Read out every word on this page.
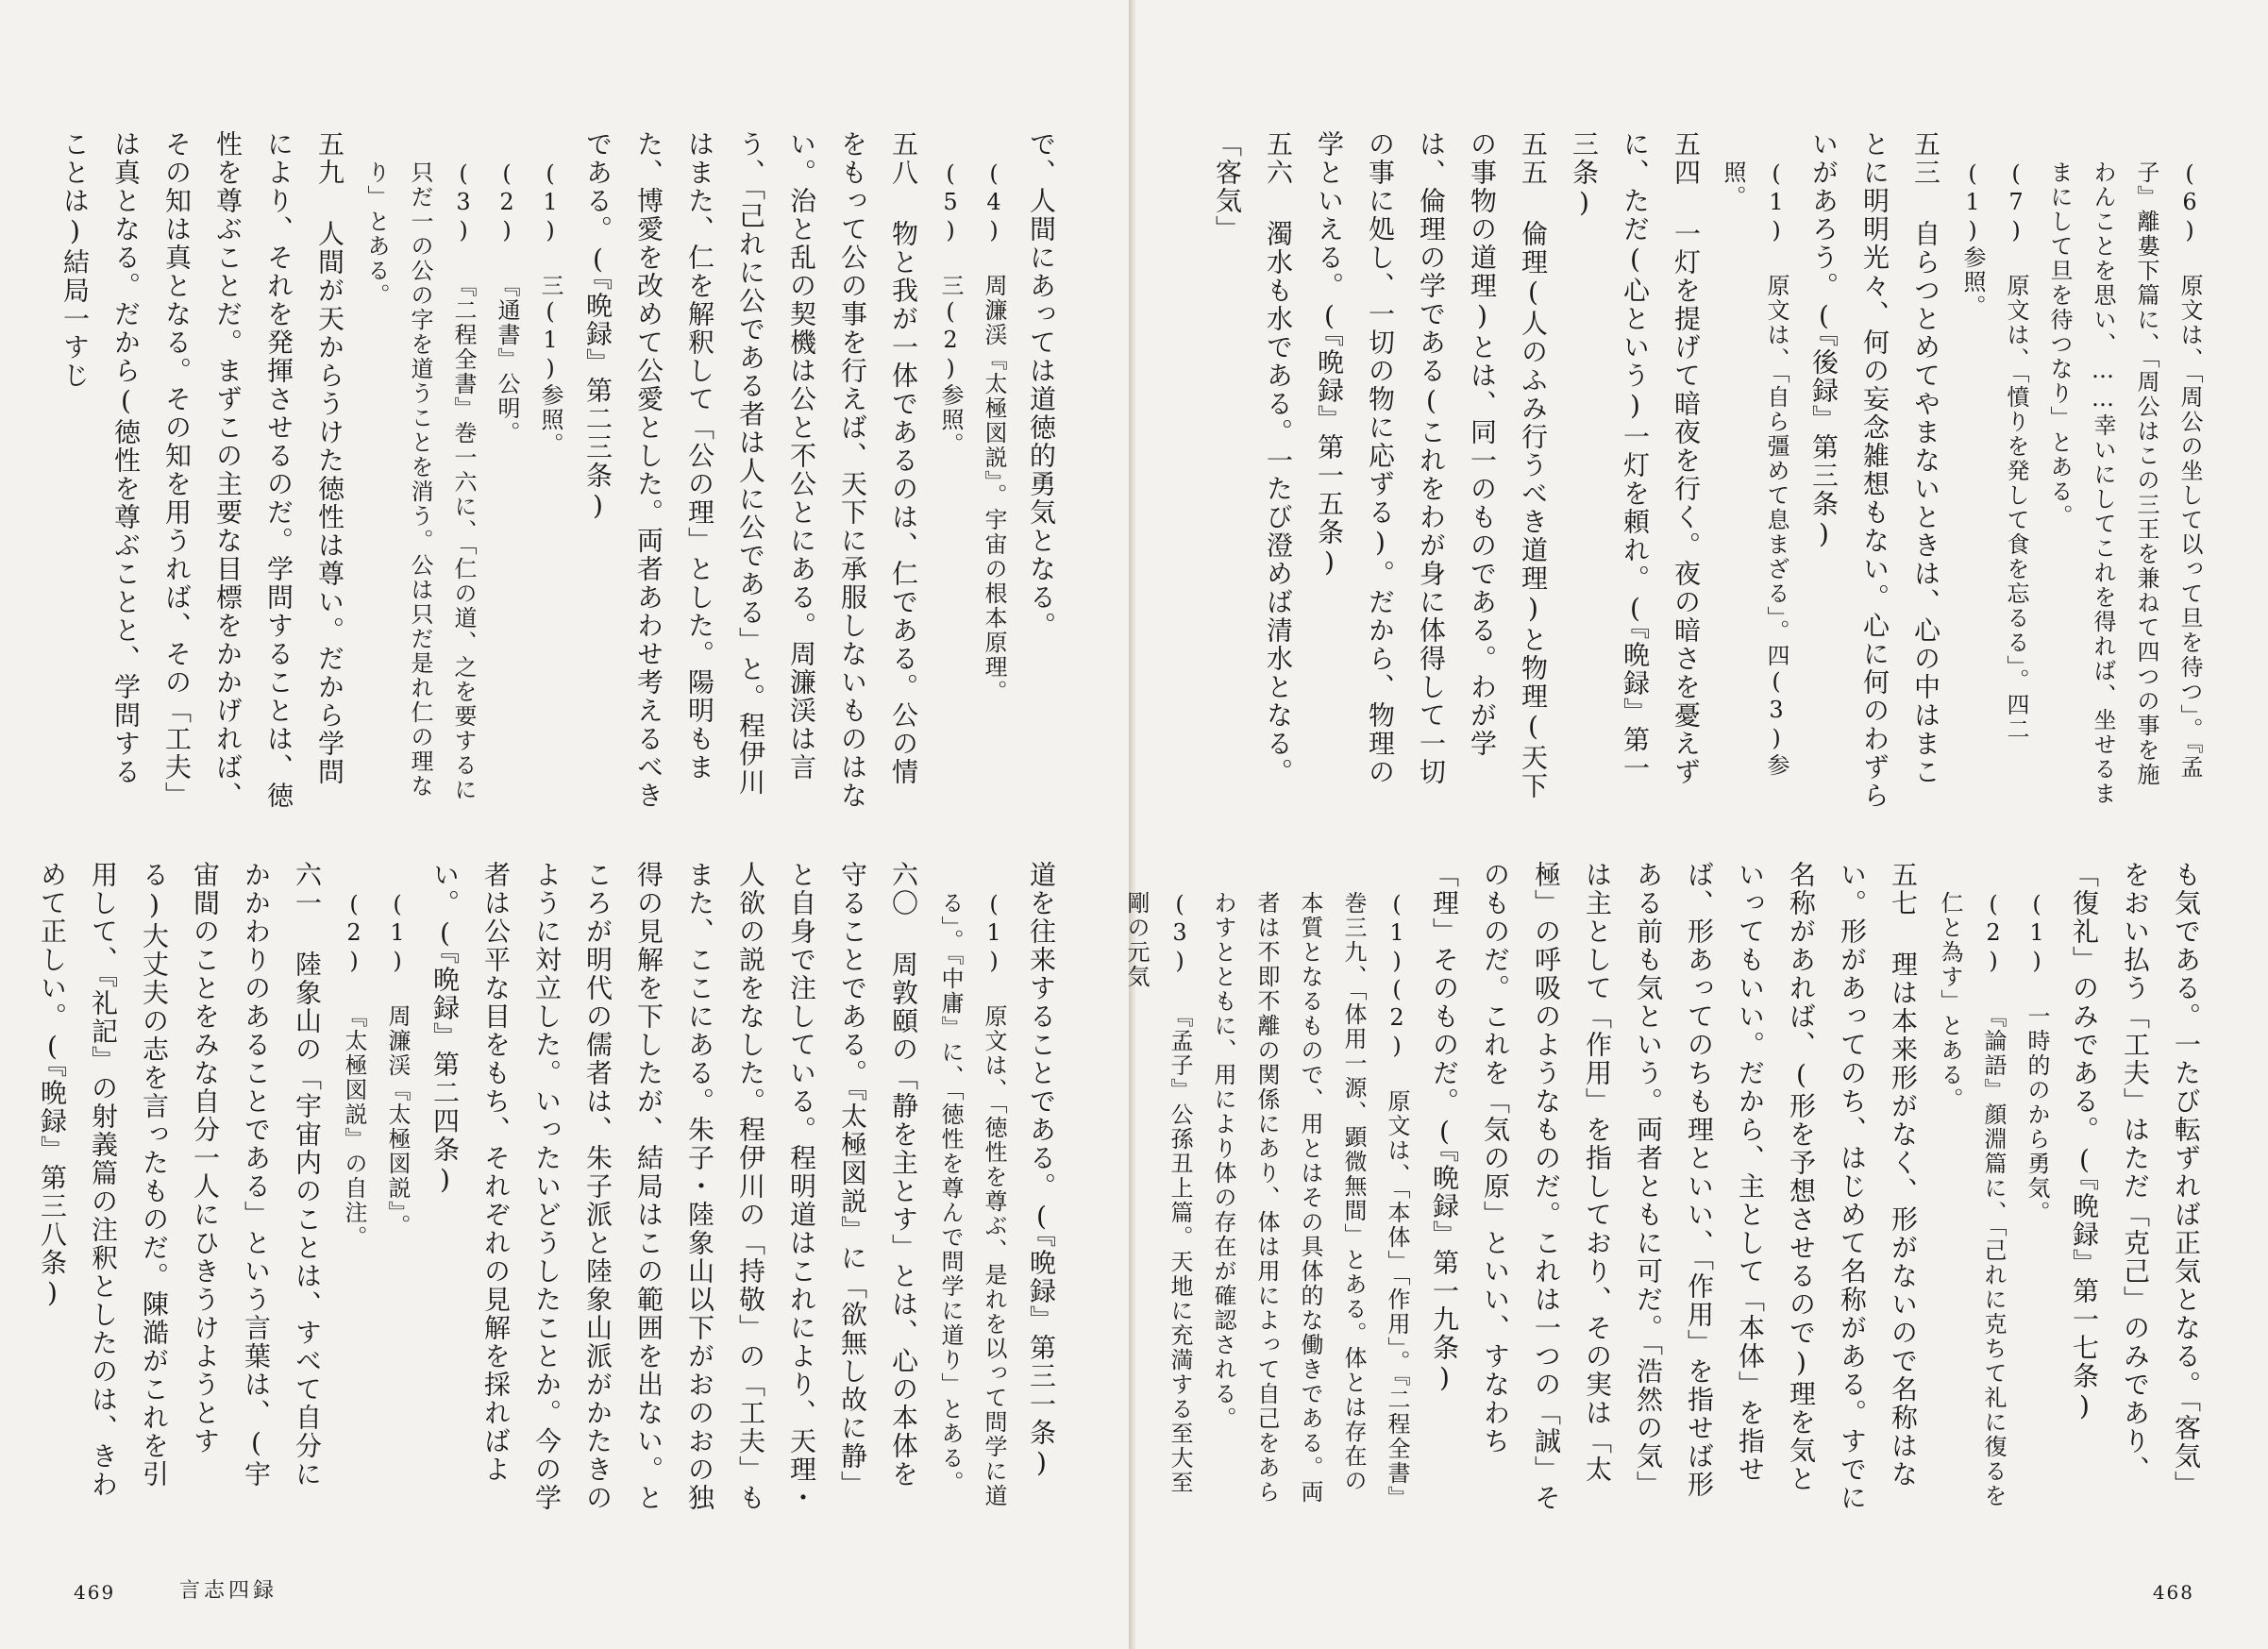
で、人間にあっては道徳的勇気となる。

(4) 周濂渓『太極図説』。宇宙の根本原理。

(5) 三(2)参照。

五八 物と我が一体であるのは、仁である。公の情をもって公の事を行えば、天下に承服しないものはない。治と乱の契機は公と不公とにある。周濂渓は言う、「己れに公である者は人に公である」と。程伊川はまた、仁を解釈して「公の理」とした。陽明もまた、博愛を改めて公愛とした。両者あわせ考えるべきである。(『晩録』第二三条)

(1) 三(1)参照。

(2) 『通書』公明。

(3) 『二程全書』巻一六に、「仁の道、之を要するに只だ一の公の字を道うことを消う。公は只だ是れ仁の理なり」とある。

五九 人間が天からうけた徳性は尊い。だから学問により、それを発揮させるのだ。学問することは、徳性を尊ぶことだ。まずこの主要な目標をかかげれば、その知は真となる。その知を用うれば、その「工夫」は真となる。だから(徳性を尊ぶことと、学問することは)結局一すじ

道を往来することである。(『晩録』第三一条)

(1) 原文は、「徳性を尊ぶ、是れを以って問学に道る」。『中庸』に、「徳性を尊んで問学に道り」とある。

六〇 周敦頤の「静を主とす」とは、心の本体を守ることである。『太極図説』に「欲無し故に静」と自身で注している。程明道はこれにより、天理・人欲の説をなした。程伊川の「持敬」の「工夫」もまた、ここにある。朱子・陸象山以下がおのおの独得の見解を下したが、結局はこの範囲を出ない。ところが明代の儒者は、朱子派と陸象山派がかたきのように対立した。いったいどうしたことか。今の学者は公平な目をもち、それぞれの見解を採ればよい。(『晩録』第二四条)

(1) 周濂渓『太極図説』。

(2) 『太極図説』の自注。

六一 陸象山の「宇宙内のことは、すべて自分にかかわりのあることである」という言葉は、(宇宙間のことをみな自分一人にひきうけようとする)大丈夫の志を言ったものだ。陳澔がこれを引用して、『礼記』の射義篇の注釈としたのは、きわめて正しい。(『晩録』第三八条)

469	言志四録

(6) 原文は、「周公の坐して以って旦を待つ」。『孟子』離婁下篇に、「周公はこの三王を兼ねて四つの事を施わんことを思い、……幸いにしてこれを得れば、坐せるままにして旦を待つなり」とある。

(7) 原文は、「憤りを発して食を忘るる」。四二(1)参照。

五三 自らつとめてやまないときは、心の中はまことに明明光々、何の妄念雑想もない。心に何のわずらいがあろう。(『後録』第三条)

(1) 原文は、「自ら彊めて息まざる」。四(3)参照。

五四 一灯を提げて暗夜を行く。夜の暗さを憂えずに、ただ(心という)一灯を頼れ。(『晩録』第一三条)

五五 倫理(人のふみ行うべき道理)と物理(天下の事物の道理)とは、同一のものである。わが学は、倫理の学である(これをわが身に体得して一切の事に処し、一切の物に応ずる)。だから、物理の学といえる。(『晩録』第一五条)

五六 濁水も水である。一たび澄めば清水となる。「客気」

も気である。一たび転ずれば正気となる。「客気」をおい払う「工夫」はただ「克己」のみであり、「復礼」のみである。(『晩録』第一七条)

(1) 一時的のから勇気。

(2) 『論語』顔淵篇に、「己れに克ちて礼に復るを仁と為す」とある。

五七 理は本来形がなく、形がないので名称はない。形があってのち、はじめて名称がある。すでに名称があれば、(形を予想させるので)理を気といってもいい。だから、主として「本体」を指せば、形あってのちも理といい、「作用」を指せば形ある前も気という。両者ともに可だ。「浩然の気」は主として「作用」を指しており、その実は「太極」の呼吸のようなものだ。これは一つの「誠」そのものだ。これを「気の原」といい、すなわち「理」そのものだ。(『晩録』第一九条)

(1)(2) 原文は、「本体」「作用」。『二程全書』巻三九、「体用一源、顕微無間」とある。体とは存在の本質となるもので、用とはその具体的な働きである。両者は不即不離の関係にあり、体は用によって自己をあらわすとともに、用により体の存在が確認される。

(3) 『孟子』公孫丑上篇。天地に充満する至大至剛の元気

468
